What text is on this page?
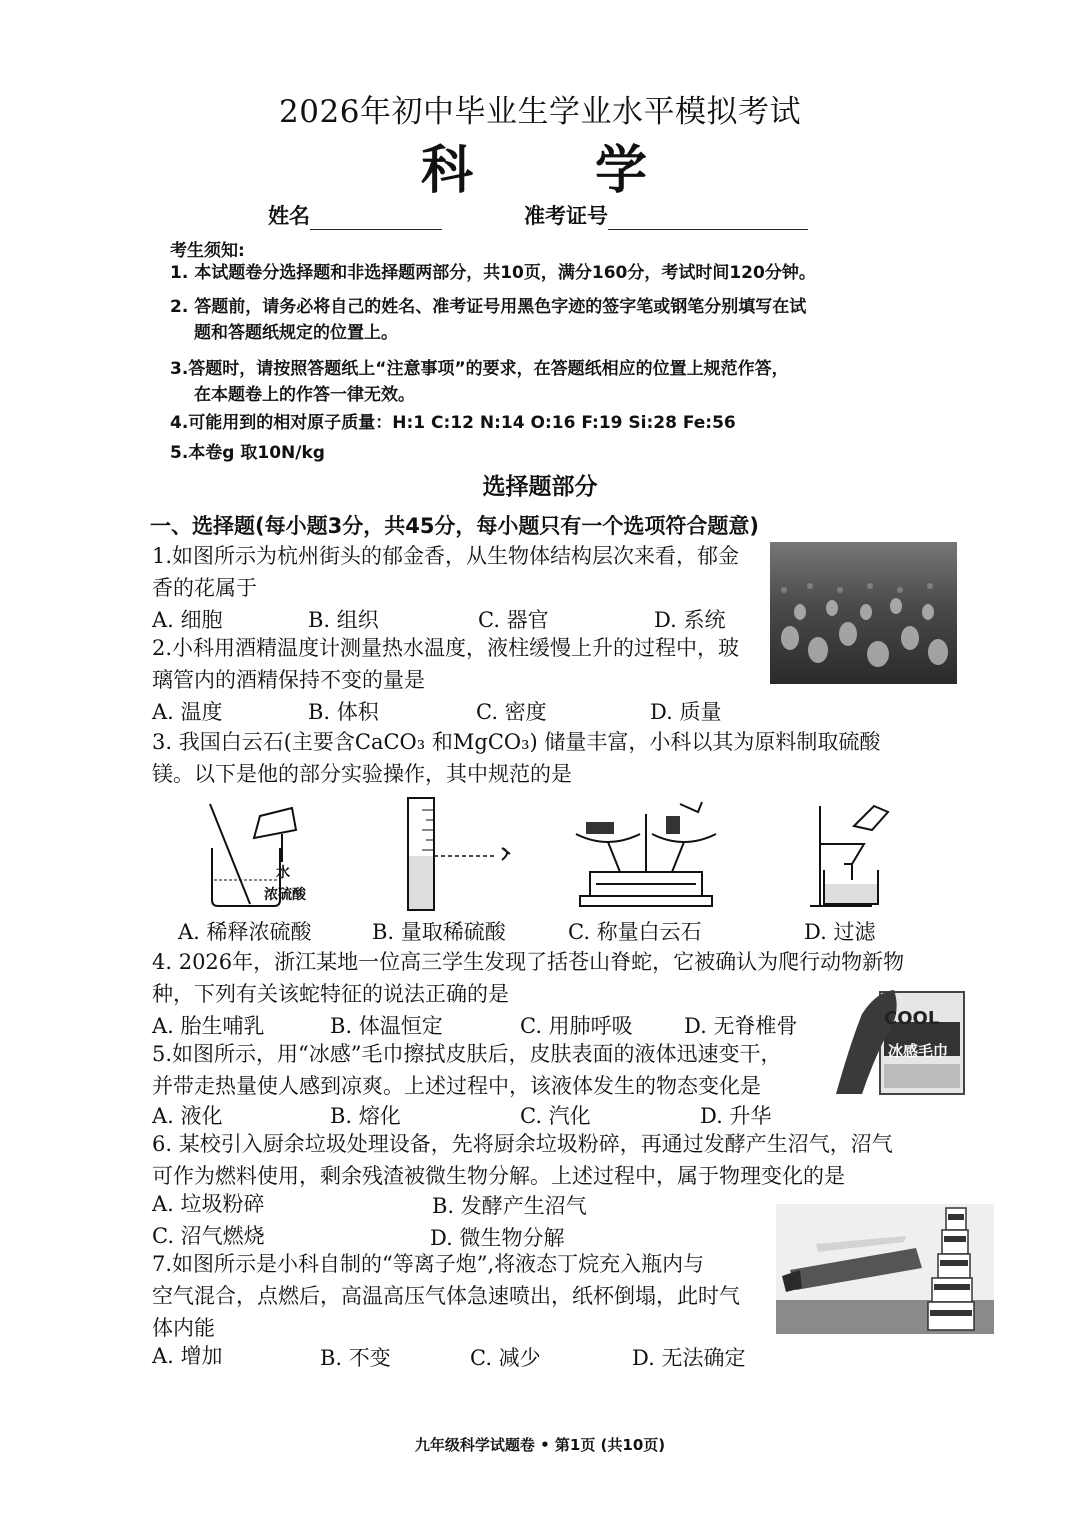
2026年初中毕业生学业水平模拟考试
科 学
姓名	准考证号
考生须知:
1. 本试题卷分选择题和非选择题两部分，共10页，满分160分，考试时间120分钟。
2. 答题前，请务必将自己的姓名、准考证号用黑色字迹的签字笔或钢笔分别填写在试
题和答题纸规定的位置上。
3.答题时，请按照答题纸上“注意事项”的要求，在答题纸相应的位置上规范作答，
在本题卷上的作答一律无效。
4.可能用到的相对原子质量：H:1 C:12 N:14 O:16 F:19 Si:28 Fe:56
5.本卷g 取10N/kg
选择题部分
一、选择题(每小题3分，共45分，每小题只有一个选项符合题意)
1.如图所示为杭州街头的郁金香，从生物体结构层次来看，郁金
香的花属于
A. 细胞	B. 组织	C. 器官	D. 系统
2.小科用酒精温度计测量热水温度，液柱缓慢上升的过程中，玻
璃管内的酒精保持不变的量是
A. 温度	B. 体积	C. 密度	D. 质量
3. 我国白云石(主要含CaCO₃ 和MgCO₃) 储量丰富，小科以其为原料制取硫酸
镁。以下是他的部分实验操作，其中规范的是
水
浓硫酸
A. 稀释浓硫酸	B. 量取稀硫酸	C. 称量白云石	D. 过滤
4. 2026年，浙江某地一位高三学生发现了括苍山脊蛇，它被确认为爬行动物新物
种，下列有关该蛇特征的说法正确的是
A. 胎生哺乳	B. 体温恒定	C. 用肺呼吸 D. 无脊椎骨	COOL
冰感毛巾
5.如图所示，用“冰感”毛巾擦拭皮肤后，皮肤表面的液体迅速变干，
并带走热量使人感到凉爽。上述过程中，该液体发生的物态变化是
A. 液化	B. 熔化	C. 汽化	D. 升华
6. 某校引入厨余垃圾处理设备，先将厨余垃圾粉碎，再通过发酵产生沼气，沼气
可作为燃料使用，剩余残渣被微生物分解。上述过程中，属于物理变化的是
A. 垃圾粉碎	B. 发酵产生沼气
C. 沼气燃烧	D. 微生物分解
7.如图所示是小科自制的“等离子炮”,将液态丁烷充入瓶内与
空气混合，点燃后，高温高压气体急速喷出，纸杯倒塌，此时气
体内能
A. 增加	B. 不变	C. 减少	D. 无法确定
九年级科学试题卷 • 第1页 (共10页)
